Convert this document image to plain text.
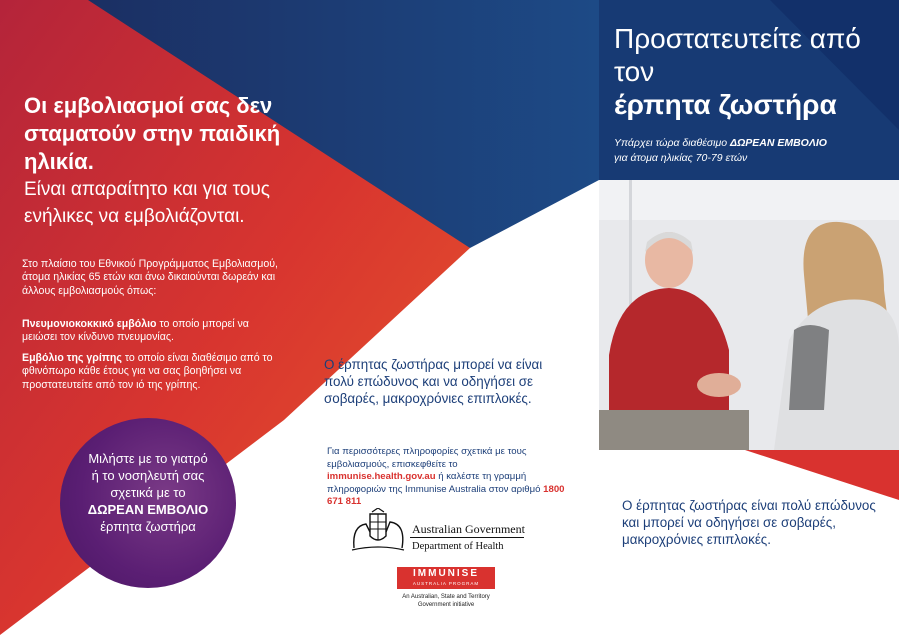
Οι εμβολιασμοί σας δεν σταματούν στην παιδική ηλικία.
Είναι απαραίτητο και για τους ενήλικες να εμβολιάζονται.
Στο πλαίσιο του Εθνικού Προγράμματος Εμβολιασμού, άτομα ηλικίας 65 ετών και άνω δικαιούνται δωρεάν και άλλους εμβολιασμούς όπως:
Πνευμονιοκοκκικό εμβόλιο το οποίο μπορεί να μειώσει τον κίνδυνο πνευμονίας.
Εμβόλιο της γρίπης το οποίο είναι διαθέσιμο από το φθινόπωρο κάθε έτους για να σας βοηθήσει να προστατευτείτε από τον ιό της γρίπης.
Μιλήστε με το γιατρό ή το νοσηλευτή σας σχετικά με το
ΔΩΡΕΑΝ ΕΜΒΟΛΙΟ
έρπητα ζωστήρα
Προστατευτείτε από τον
έρπητα ζωστήρα
Υπάρχει τώρα διαθέσιμο ΔΩΡΕΑΝ ΕΜΒΟΛΙΟ
για άτομα ηλικίας 70-79 ετών
Ο έρπητας ζωστήρας μπορεί να είναι πολύ επώδυνος και να οδηγήσει σε σοβαρές, μακροχρόνιες επιπλοκές.
Για περισσότερες πληροφορίες σχετικά με τους εμβολιασμούς, επισκεφθείτε το immunise.health.gov.au ή καλέστε τη γραμμή πληροφοριών της Immunise Australia στον αριθμό 1800 671 811	Ο έρπητας ζωστήρας είναι πολύ επώδυνος και μπορεί να οδηγήσει σε σοβαρές, μακροχρόνιες επιπλοκές.
Australian Government
Department of Health
IMMUNISE
AUSTRALIA PROGRAM
An Australian, State and Territory Government initiative
